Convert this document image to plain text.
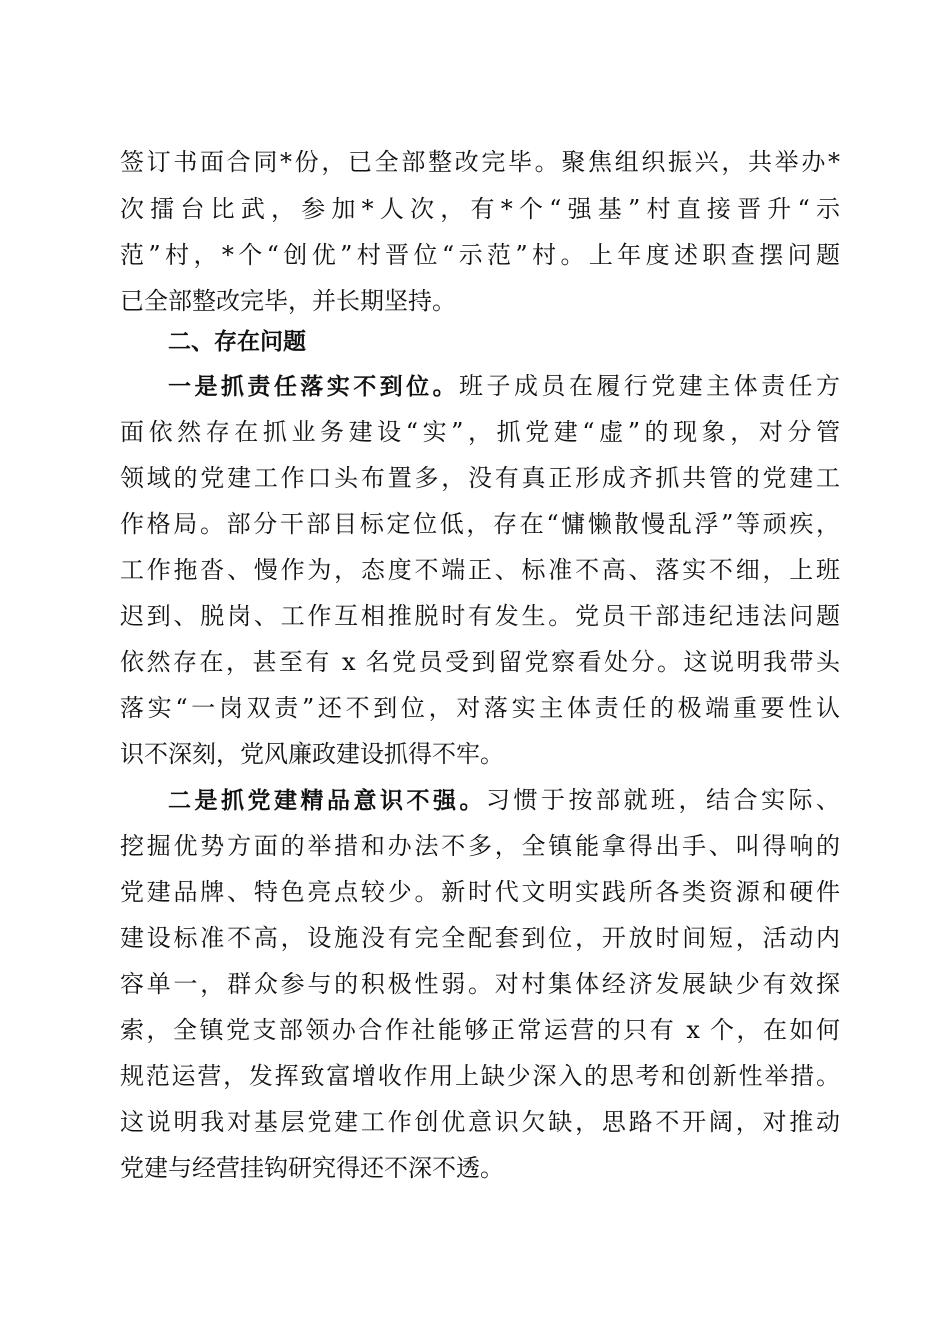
签订书面合同*份，已全部整改完毕。聚焦组织振兴，共举办*
次擂台比武，参加*人次，有*个“强基”村直接晋升“示
范”村，*个“创优”村晋位“示范”村。上年度述职查摆问题
已全部整改完毕，并长期坚持。
二、存在问题
一是抓责任落实不到位。班子成员在履行党建主体责任方
面依然存在抓业务建设“实”，抓党建“虚”的现象，对分管
领域的党建工作口头布置多，没有真正形成齐抓共管的党建工
作格局。部分干部目标定位低，存在“慵懒散慢乱浮”等顽疾，
工作拖沓、慢作为，态度不端正、标准不高、落实不细，上班
迟到、脱岗、工作互相推脱时有发生。党员干部违纪违法问题
依然存在，甚至有 x 名党员受到留党察看处分。这说明我带头
落实“一岗双责”还不到位，对落实主体责任的极端重要性认
识不深刻，党风廉政建设抓得不牢。
二是抓党建精品意识不强。习惯于按部就班，结合实际、
挖掘优势方面的举措和办法不多，全镇能拿得出手、叫得响的
党建品牌、特色亮点较少。新时代文明实践所各类资源和硬件
建设标准不高，设施没有完全配套到位，开放时间短，活动内
容单一，群众参与的积极性弱。对村集体经济发展缺少有效探
索，全镇党支部领办合作社能够正常运营的只有 x 个，在如何
规范运营，发挥致富增收作用上缺少深入的思考和创新性举措。
这说明我对基层党建工作创优意识欠缺，思路不开阔，对推动
党建与经营挂钩研究得还不深不透。
